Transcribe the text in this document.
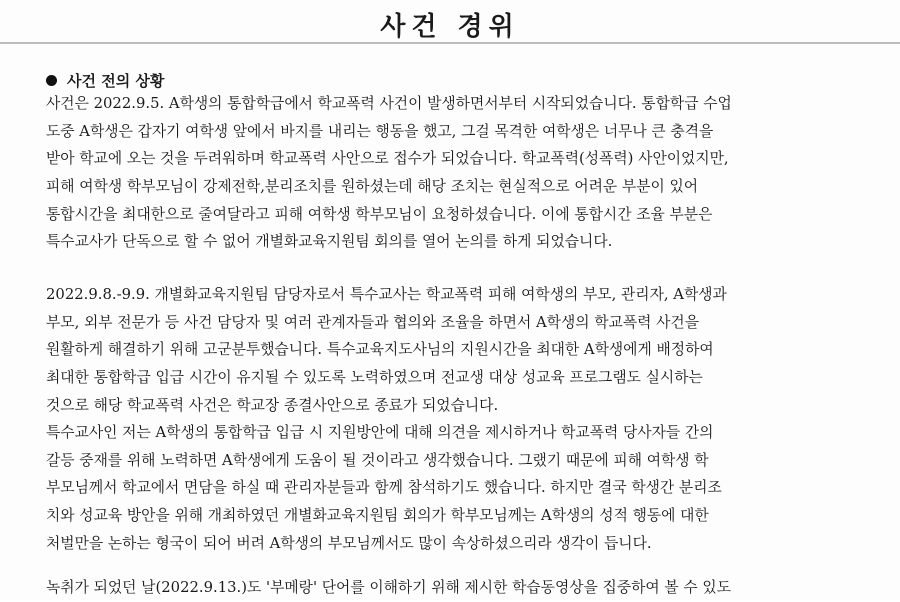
사건 경위
사건 전의 상황
사건은 2022.9.5. A학생의 통합학급에서 학교폭력 사건이 발생하면서부터 시작되었습니다. 통합학급 수업
도중 A학생은 갑자기 여학생 앞에서 바지를 내리는 행동을 했고, 그걸 목격한 여학생은 너무나 큰 충격을
받아 학교에 오는 것을 두려워하며 학교폭력 사안으로 접수가 되었습니다. 학교폭력(성폭력) 사안이었지만,
피해 여학생 학부모님이 강제전학,분리조치를 원하셨는데 해당 조치는 현실적으로 어려운 부분이 있어
통합시간을 최대한으로 줄여달라고 피해 여학생 학부모님이 요청하셨습니다. 이에 통합시간 조율 부분은
특수교사가 단독으로 할 수 없어 개별화교육지원팀 회의를 열어 논의를 하게 되었습니다.
2022.9.8.-9.9. 개별화교육지원팀 담당자로서 특수교사는 학교폭력 피해 여학생의 부모, 관리자, A학생과
부모, 외부 전문가 등 사건 담당자 및 여러 관계자들과 협의와 조율을 하면서 A학생의 학교폭력 사건을
원활하게 해결하기 위해 고군분투했습니다. 특수교육지도사님의 지원시간을 최대한 A학생에게 배정하여
최대한 통합학급 입급 시간이 유지될 수 있도록 노력하였으며 전교생 대상 성교육 프로그램도 실시하는
것으로 해당 학교폭력 사건은 학교장 종결사안으로 종료가 되었습니다.
특수교사인 저는 A학생의 통합학급 입급 시 지원방안에 대해 의견을 제시하거나 학교폭력 당사자들 간의
갈등 중재를 위해 노력하면 A학생에게 도움이 될 것이라고 생각했습니다. 그랬기 때문에 피해 여학생 학
부모님께서 학교에서 면담을 하실 때 관리자분들과 함께 참석하기도 했습니다. 하지만 결국 학생간 분리조
치와 성교육 방안을 위해 개최하였던 개별화교육지원팀 회의가 학부모님께는 A학생의 성적 행동에 대한
처벌만을 논하는 형국이 되어 버려 A학생의 부모님께서도 많이 속상하셨으리라 생각이 듭니다.
녹취가 되었던 날(2022.9.13.)도 '부메랑' 단어를 이해하기 위해 제시한 학습동영상을 집중하여 볼 수 있도
